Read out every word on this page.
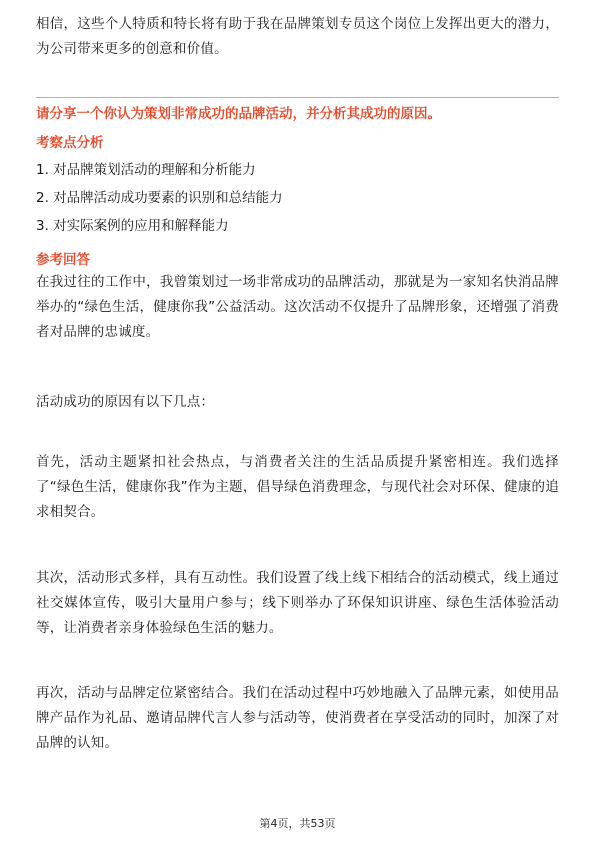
相信，这些个人特质和特长将有助于我在品牌策划专员这个岗位上发挥出更大的潜力，为公司带来更多的创意和价值。

请分享一个你认为策划非常成功的品牌活动，并分析其成功的原因。

考察点分析

1. 对品牌策划活动的理解和分析能力

2. 对品牌活动成功要素的识别和总结能力

3. 对实际案例的应用和解释能力

参考回答

在我过往的工作中，我曾策划过一场非常成功的品牌活动，那就是为一家知名快消品牌举办的“绿色生活，健康你我”公益活动。这次活动不仅提升了品牌形象，还增强了消费者对品牌的忠诚度。

活动成功的原因有以下几点：

首先，活动主题紧扣社会热点，与消费者关注的生活品质提升紧密相连。我们选择了“绿色生活，健康你我”作为主题，倡导绿色消费理念，与现代社会对环保、健康的追求相契合。

其次，活动形式多样，具有互动性。我们设置了线上线下相结合的活动模式，线上通过社交媒体宣传，吸引大量用户参与；线下则举办了环保知识讲座、绿色生活体验活动等，让消费者亲身体验绿色生活的魅力。

再次，活动与品牌定位紧密结合。我们在活动过程中巧妙地融入了品牌元素，如使用品牌产品作为礼品、邀请品牌代言人参与活动等，使消费者在享受活动的同时，加深了对品牌的认知。

第4页，共53页
